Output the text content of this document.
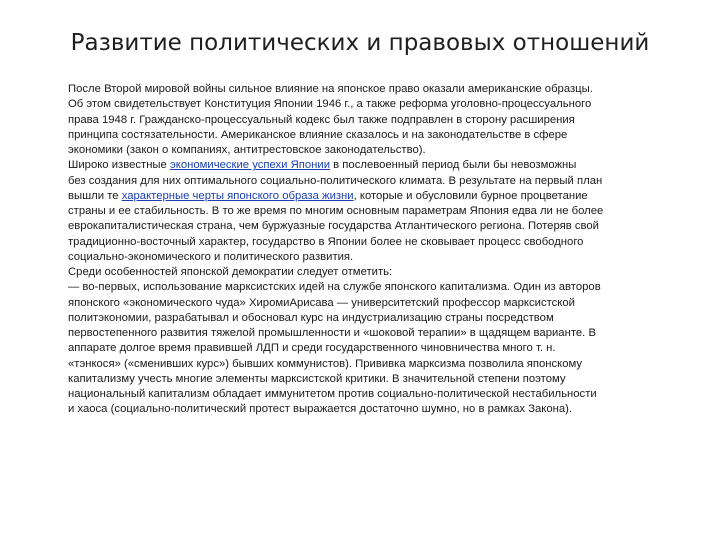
Развитие политических и правовых отношений

После Второй мировой войны сильное влияние на японское право оказали американские образцы.
Об этом свидетельствует Конституция Японии 1946 г., а также реформа уголовно-процессуального
права 1948 г. Гражданско-процессуальный кодекс был также подправлен в сторону расширения
принципа состязательности. Американское влияние сказалось и на законодательстве в сфере
экономики (закон о компаниях, антитрестовское законодательство).

Широко известные экономические успехи Японии в послевоенный период были бы невозможны
без создания для них оптимального социально-политического климата. В результате на первый план
вышли те характерные черты японского образа жизни, которые и обусловили бурное процветание
страны и ее стабильность. В то же время по многим основным параметрам Япония едва ли не более
еврокапиталистическая страна, чем буржуазные государства Атлантического региона. Потеряв свой
традиционно-восточный характер, государство в Японии более не сковывает процесс свободного
социально-экономического и политического развития.

Среди особенностей японской демократии следует отметить:

— во-первых, использование марксистских идей на службе японского капитализма. Один из авторов
японского «экономического чуда» ХиромиАрисава — университетский профессор марксистской
политэкономии, разрабатывал и обосновал курс на индустриализацию страны посредством
первостепенного развития тяжелой промышленности и «шоковой терапии» в щадящем варианте. В
аппарате долгое время правившей ЛДП и среди государственного чиновничества много т. н.
«тэнкося» («сменивших курс») бывших коммунистов). Прививка марксизма позволила японскому
капитализму учесть многие элементы марксистской критики. В значительной степени поэтому
национальный капитализм обладает иммунитетом против социально-политической нестабильности
и хаоса (социально-политический протест выражается достаточно шумно, но в рамках Закона).
